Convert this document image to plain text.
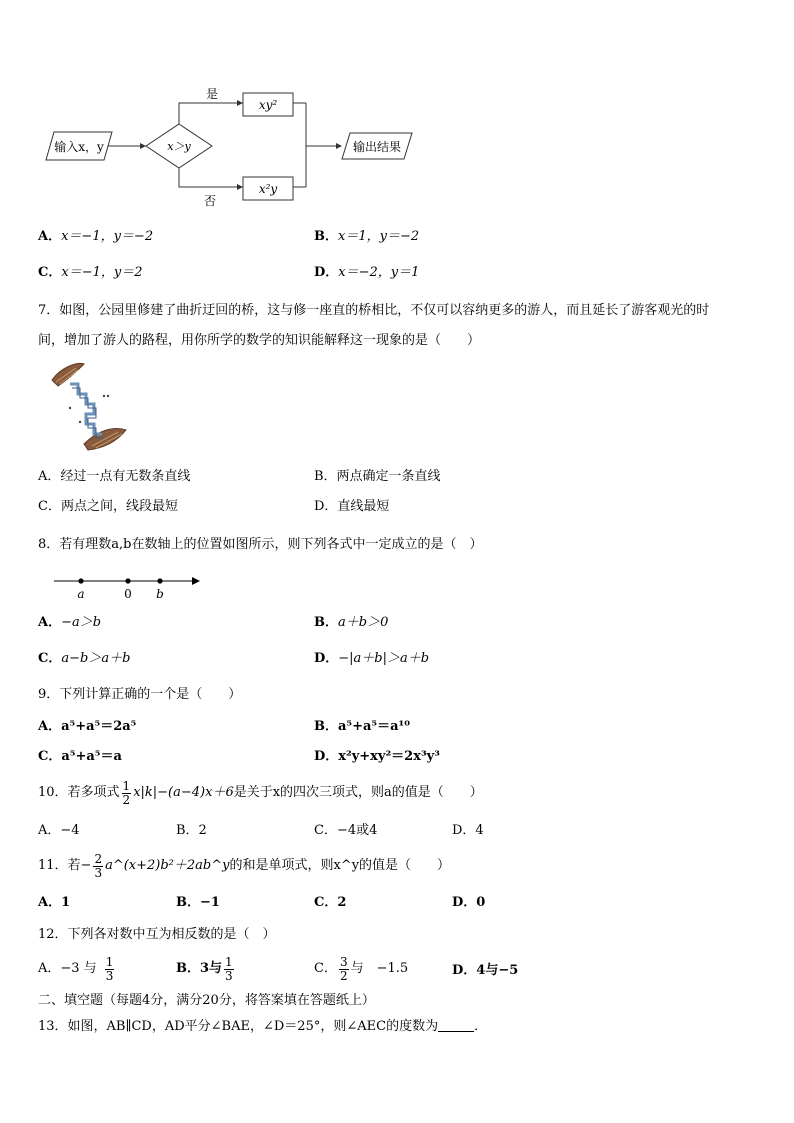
输入x，y	x＞y
是
xy²
否
x²y
输出结果
A．x＝−1，y＝−2	B．x＝1，y＝−2
C．x＝−1，y＝2	D．x＝−2，y＝1
7．如图，公园里修建了曲折迂回的桥，这与修一座直的桥相比，不仅可以容纳更多的游人，而且延长了游客观光的时
间，增加了游人的路程，用你所学的数学的知识能解释这一现象的是（　　）
A．经过一点有无数条直线	B．两点确定一条直线
C．两点之间，线段最短	D．直线最短
8．若有理数a,b在数轴上的位置如图所示，则下列各式中一定成立的是（　）
a	0 b
A．−a＞b	B．a＋b＞0
C．a−b＞a＋b	D．−|a＋b|＞a＋b
9．下列计算正确的一个是（　　）
A．a⁵+a⁵＝2a⁵	B．a⁵+a⁵＝a¹⁰
C．a⁵+a⁵＝a	D．x²y+xy²＝2x³y³
10．若多项式 $\frac{1}{2} x|k|-(a-4)x+6$ 是关于x的四次三项式，则a的值是（　　）
A．−4	B．2	C．−4或4	D．4
11．若− $\frac{2}{3}$ a^(x+2)b²＋2ab^y 的和是单项式，则x^y的值是（　　）
A．1	B．−1	C．2	D．0
12．下列各对数中互为相反数的是（　）
A．−3 与 $\frac{1}{3}$	B．3与 $\frac{1}{3}$	C． $\frac{3}{2}$ 与　−1.5	D．4与−5
二、填空题（每题4分，满分20分，将答案填在答题纸上）
13．如图，AB∥CD，AD平分∠BAE，∠D＝25°，则∠AEC的度数为	．
